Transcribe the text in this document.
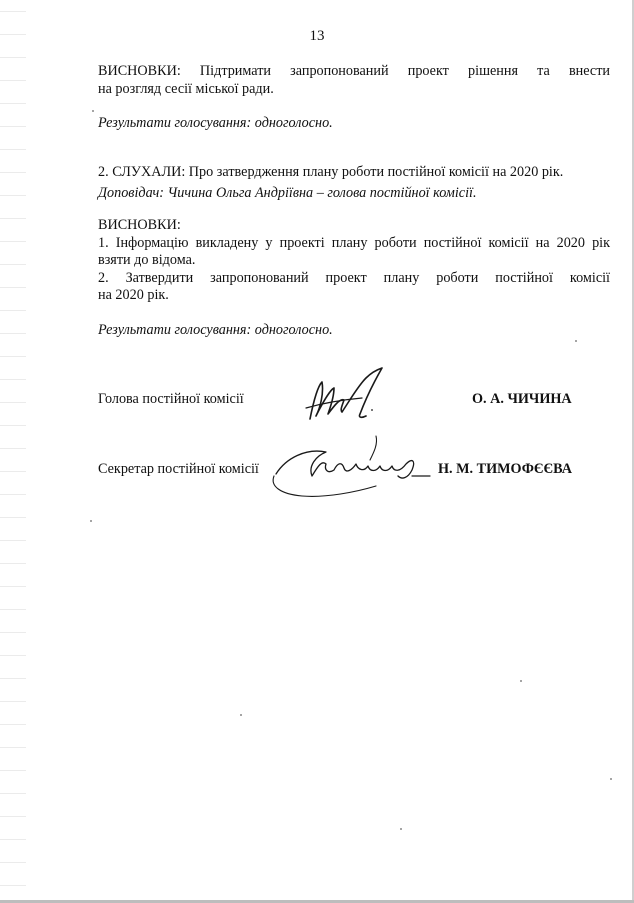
13
ВИСНОВКИ: Підтримати запропонований проект рішення та внести
на розгляд сесії міської ради.
Результати голосування: одноголосно.
2. СЛУХАЛИ: Про затвердження плану роботи постійної комісії на 2020 рік.
Доповідач: Чичина Ольга Андріївна – голова постійної комісії.
ВИСНОВКИ:
1. Інформацію викладену у проекті плану роботи постійної комісії на 2020 рік
взяти до відома.
2. Затвердити запропонований проект плану роботи постійної комісії
на 2020 рік.
Результати голосування: одноголосно.
Голова постійної комісії	О. А. ЧИЧИНА
Секретар постійної комісії	Н. М. ТИМОФЄЄВА
